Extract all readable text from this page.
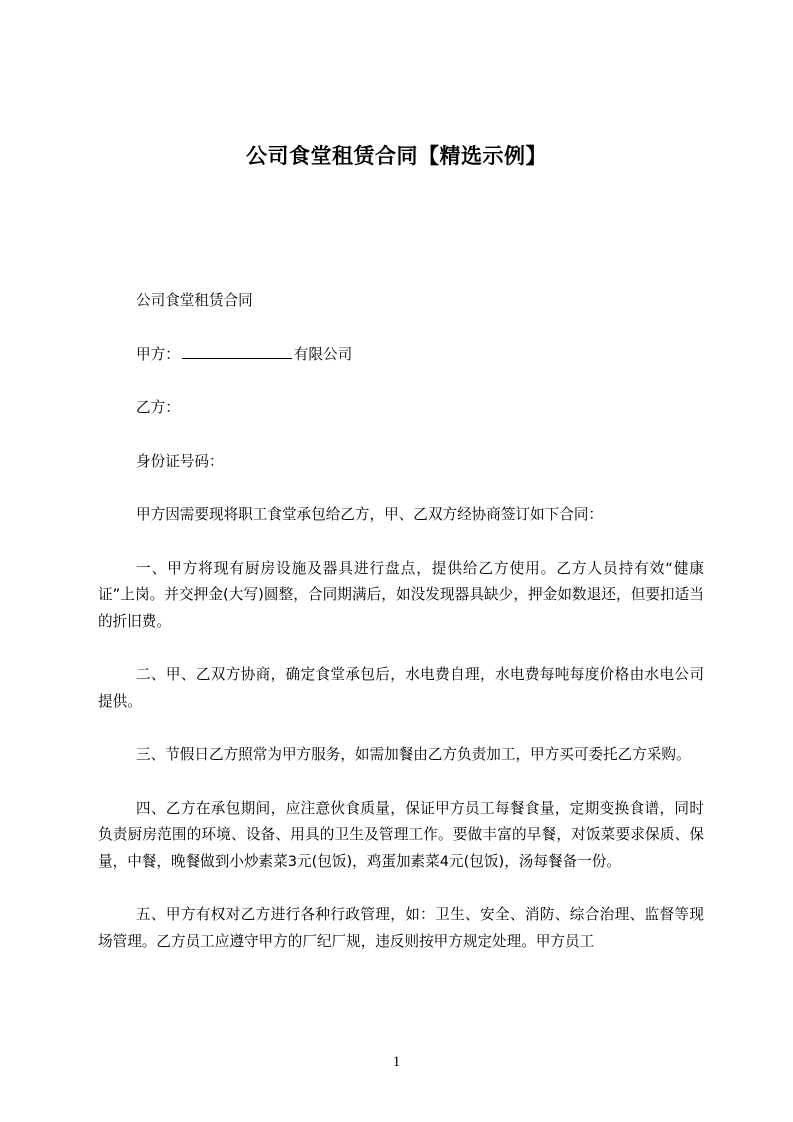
公司食堂租赁合同【精选示例】

公司食堂租赁合同

甲方：	有限公司

乙方：

身份证号码：

甲方因需要现将职工食堂承包给乙方，甲、乙双方经协商签订如下合同：

一、甲方将现有厨房设施及器具进行盘点，提供给乙方使用。乙方人员持有效“健康证”上岗。并交押金(大写)圆整，合同期满后，如没发现器具缺少，押金如数退还，但要扣适当的折旧费。

二、甲、乙双方协商，确定食堂承包后，水电费自理，水电费每吨每度价格由水电公司提供。

三、节假日乙方照常为甲方服务，如需加餐由乙方负责加工，甲方买可委托乙方采购。

四、乙方在承包期间，应注意伙食质量，保证甲方员工每餐食量，定期变换食谱，同时负责厨房范围的环境、设备、用具的卫生及管理工作。要做丰富的早餐，对饭菜要求保质、保量，中餐，晚餐做到小炒素菜3元(包饭)，鸡蛋加素菜4元(包饭)，汤每餐备一份。

五、甲方有权对乙方进行各种行政管理，如：卫生、安全、消防、综合治理、监督等现场管理。乙方员工应遵守甲方的厂纪厂规，违反则按甲方规定处理。甲方员工

1
